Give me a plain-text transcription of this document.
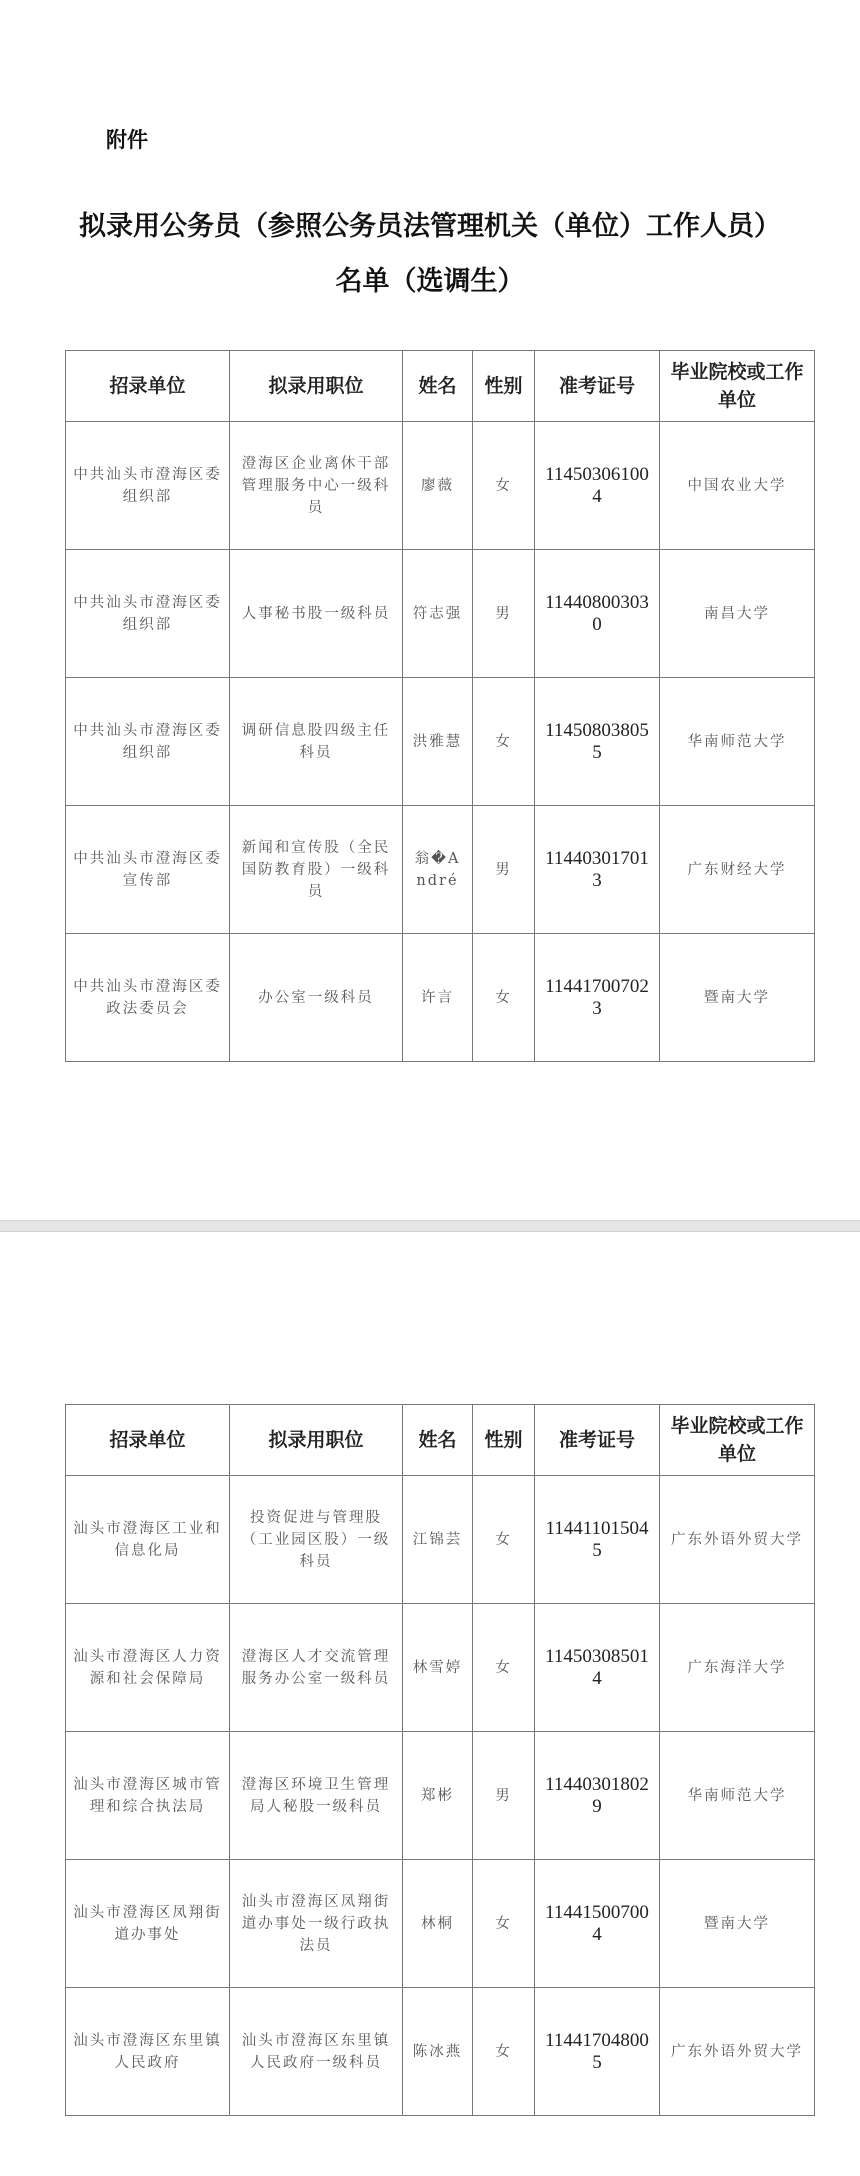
附件
拟录用公务员（参照公务员法管理机关（单位）工作人员）
名单（选调生）
招录单位	拟录用职位	姓名	性别	准考证号	毕业院校或工作单位
中共汕头市澄海区委组织部	澄海区企业离休干部管理服务中心一级科员	廖薇	女	114503061004	中国农业大学
中共汕头市澄海区委组织部	人事秘书股一级科员	符志强	男	114408003030	南昌大学
中共汕头市澄海区委组织部	调研信息股四级主任科员	洪雅慧	女	114508038055	华南师范大学
中共汕头市澄海区委宣传部	新闻和宣传股（全民国防教育股）一级科员	翁�André	男	114403017013	广东财经大学
中共汕头市澄海区委政法委员会	办公室一级科员	许言	女	114417007023	暨南大学
招录单位	拟录用职位	姓名	性别	准考证号	毕业院校或工作单位
汕头市澄海区工业和信息化局	投资促进与管理股（工业园区股）一级科员	江锦芸	女	114411015045	广东外语外贸大学
汕头市澄海区人力资源和社会保障局	澄海区人才交流管理服务办公室一级科员	林雪婷	女	114503085014	广东海洋大学
汕头市澄海区城市管理和综合执法局	澄海区环境卫生管理局人秘股一级科员	郑彬	男	114403018029	华南师范大学
汕头市澄海区凤翔街道办事处	汕头市澄海区凤翔街道办事处一级行政执法员	林桐	女	114415007004	暨南大学
汕头市澄海区东里镇人民政府	汕头市澄海区东里镇人民政府一级科员	陈冰燕	女	114417048005	广东外语外贸大学
